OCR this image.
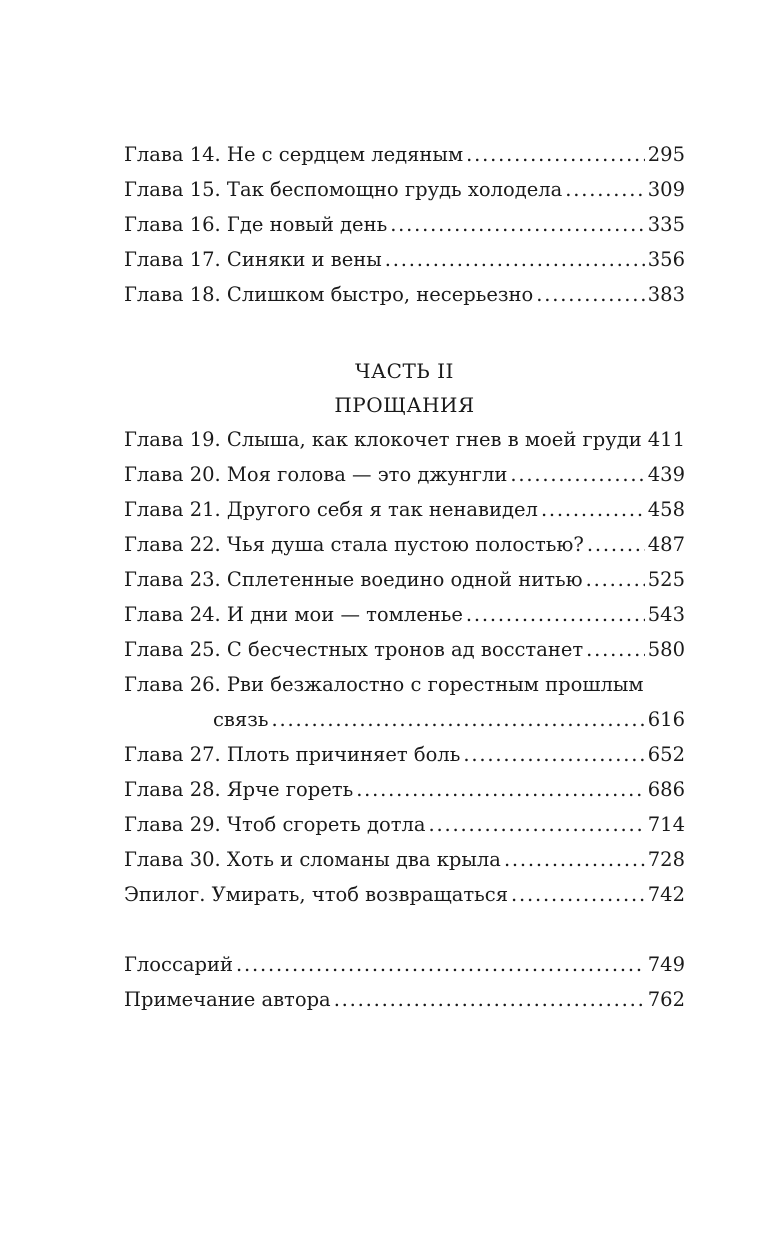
Глава 14. Не с сердцем ледяным . . .	295
Глава 15. Так беспомощно грудь холодела . . .	309
Глава 16. Где новый день . . .	335
Глава 17. Синяки и вены . . .	356
Глава 18. Слишком быстро, несерьезно . . .	383
ЧАСТЬ II
ПРОЩАНИЯ
Глава 19. Слыша, как клокочет гнев в моей груди . . . 411
Глава 20. Моя голова — это джунгли . . .	439
Глава 21. Другого себя я так ненавидел . . .	458
Глава 22. Чья душа стала пустою полостью? . . .	487
Глава 23. Сплетенные воедино одной нитью . . .	525
Глава 24. И дни мои — томленье . . .	543
Глава 25. С бесчестных тронов ад восстанет . . .	580
Глава 26. Рви безжалостно с горестным прошлым
связь . . .	616
Глава 27. Плоть причиняет боль . . .	652
Глава 28. Ярче гореть . . .	686
Глава 29. Чтоб сгореть дотла . . .	714
Глава 30. Хоть и сломаны два крыла . . .	728
Эпилог. Умирать, чтоб возвращаться . . .	742
Глоссарий . . .	749
Примечание автора . . .	762
